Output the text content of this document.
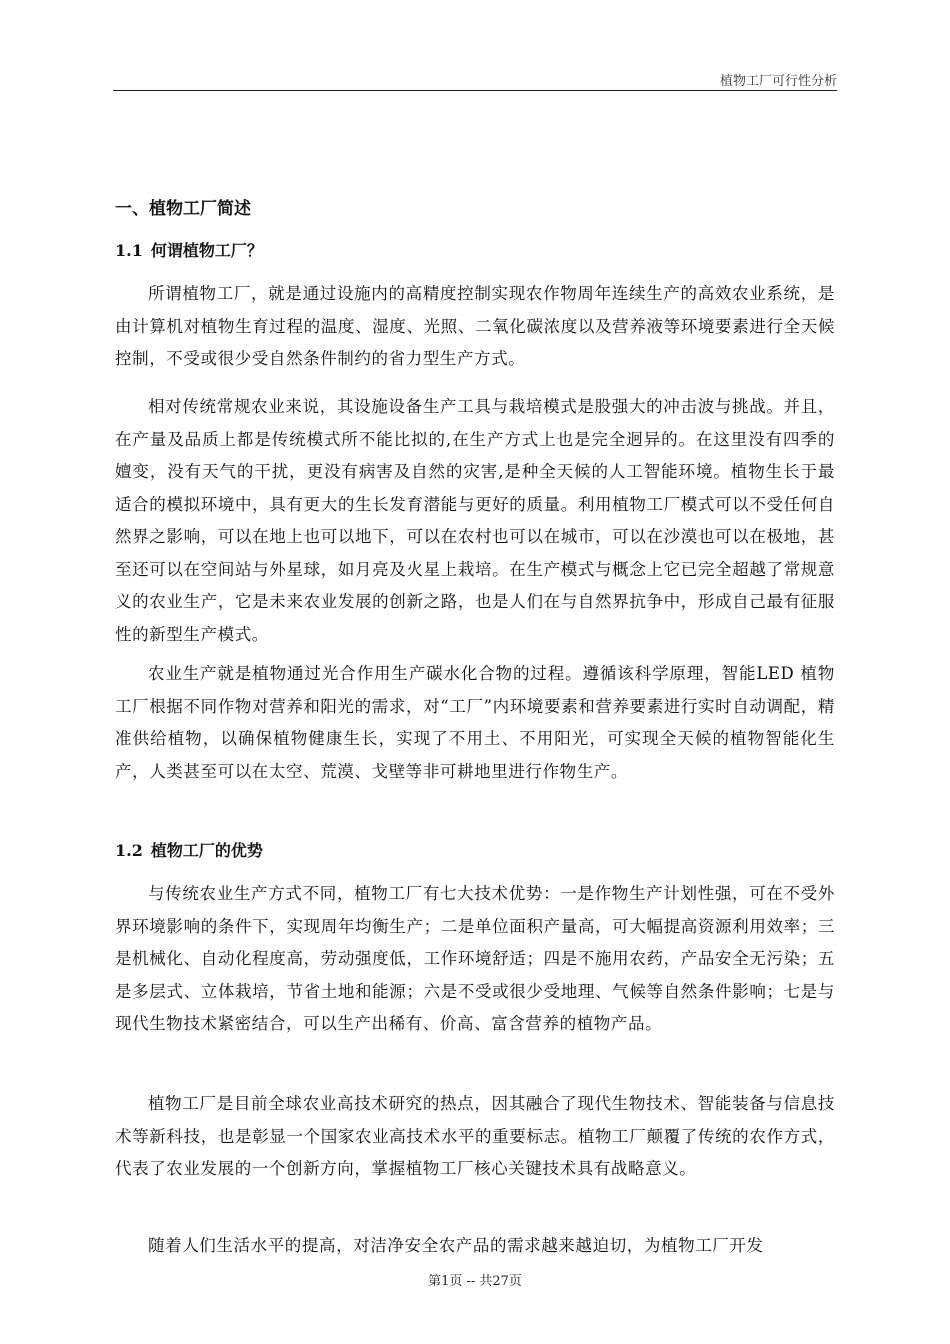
植物工厂可行性分析
一、植物工厂简述
1.1 何谓植物工厂？

所谓植物工厂，就是通过设施内的高精度控制实现农作物周年连续生产的高效农业系统，是由计算机对植物生育过程的温度、湿度、光照、二氧化碳浓度以及营养液等环境要素进行全天候控制，不受或很少受自然条件制约的省力型生产方式。

相对传统常规农业来说，其设施设备生产工具与栽培模式是股强大的冲击波与挑战。并且，在产量及品质上都是传统模式所不能比拟的,在生产方式上也是完全迥异的。在这里没有四季的嬗变，没有天气的干扰，更没有病害及自然的灾害,是种全天候的人工智能环境。植物生长于最适合的模拟环境中，具有更大的生长发育潜能与更好的质量。利用植物工厂模式可以不受任何自然界之影响，可以在地上也可以地下，可以在农村也可以在城市，可以在沙漠也可以在极地，甚至还可以在空间站与外星球，如月亮及火星上栽培。在生产模式与概念上它已完全超越了常规意义的农业生产，它是未来农业发展的创新之路，也是人们在与自然界抗争中，形成自己最有征服性的新型生产模式。

农业生产就是植物通过光合作用生产碳水化合物的过程。遵循该科学原理，智能LED 植物工厂根据不同作物对营养和阳光的需求，对“工厂”内环境要素和营养要素进行实时自动调配，精准供给植物，以确保植物健康生长，实现了不用土、不用阳光，可实现全天候的植物智能化生产，人类甚至可以在太空、荒漠、戈壁等非可耕地里进行作物生产。

1.2 植物工厂的优势

与传统农业生产方式不同，植物工厂有七大技术优势：一是作物生产计划性强，可在不受外界环境影响的条件下，实现周年均衡生产；二是单位面积产量高，可大幅提高资源利用效率；三是机械化、自动化程度高，劳动强度低，工作环境舒适；四是不施用农药，产品安全无污染；五是多层式、立体栽培，节省土地和能源；六是不受或很少受地理、气候等自然条件影响；七是与现代生物技术紧密结合，可以生产出稀有、价高、富含营养的植物产品。

植物工厂是目前全球农业高技术研究的热点，因其融合了现代生物技术、智能装备与信息技术等新科技，也是彰显一个国家农业高技术水平的重要标志。植物工厂颠覆了传统的农作方式，代表了农业发展的一个创新方向，掌握植物工厂核心关键技术具有战略意义。

随着人们生活水平的提高，对洁净安全农产品的需求越来越迫切，为植物工厂开发

第1页 -- 共27页
